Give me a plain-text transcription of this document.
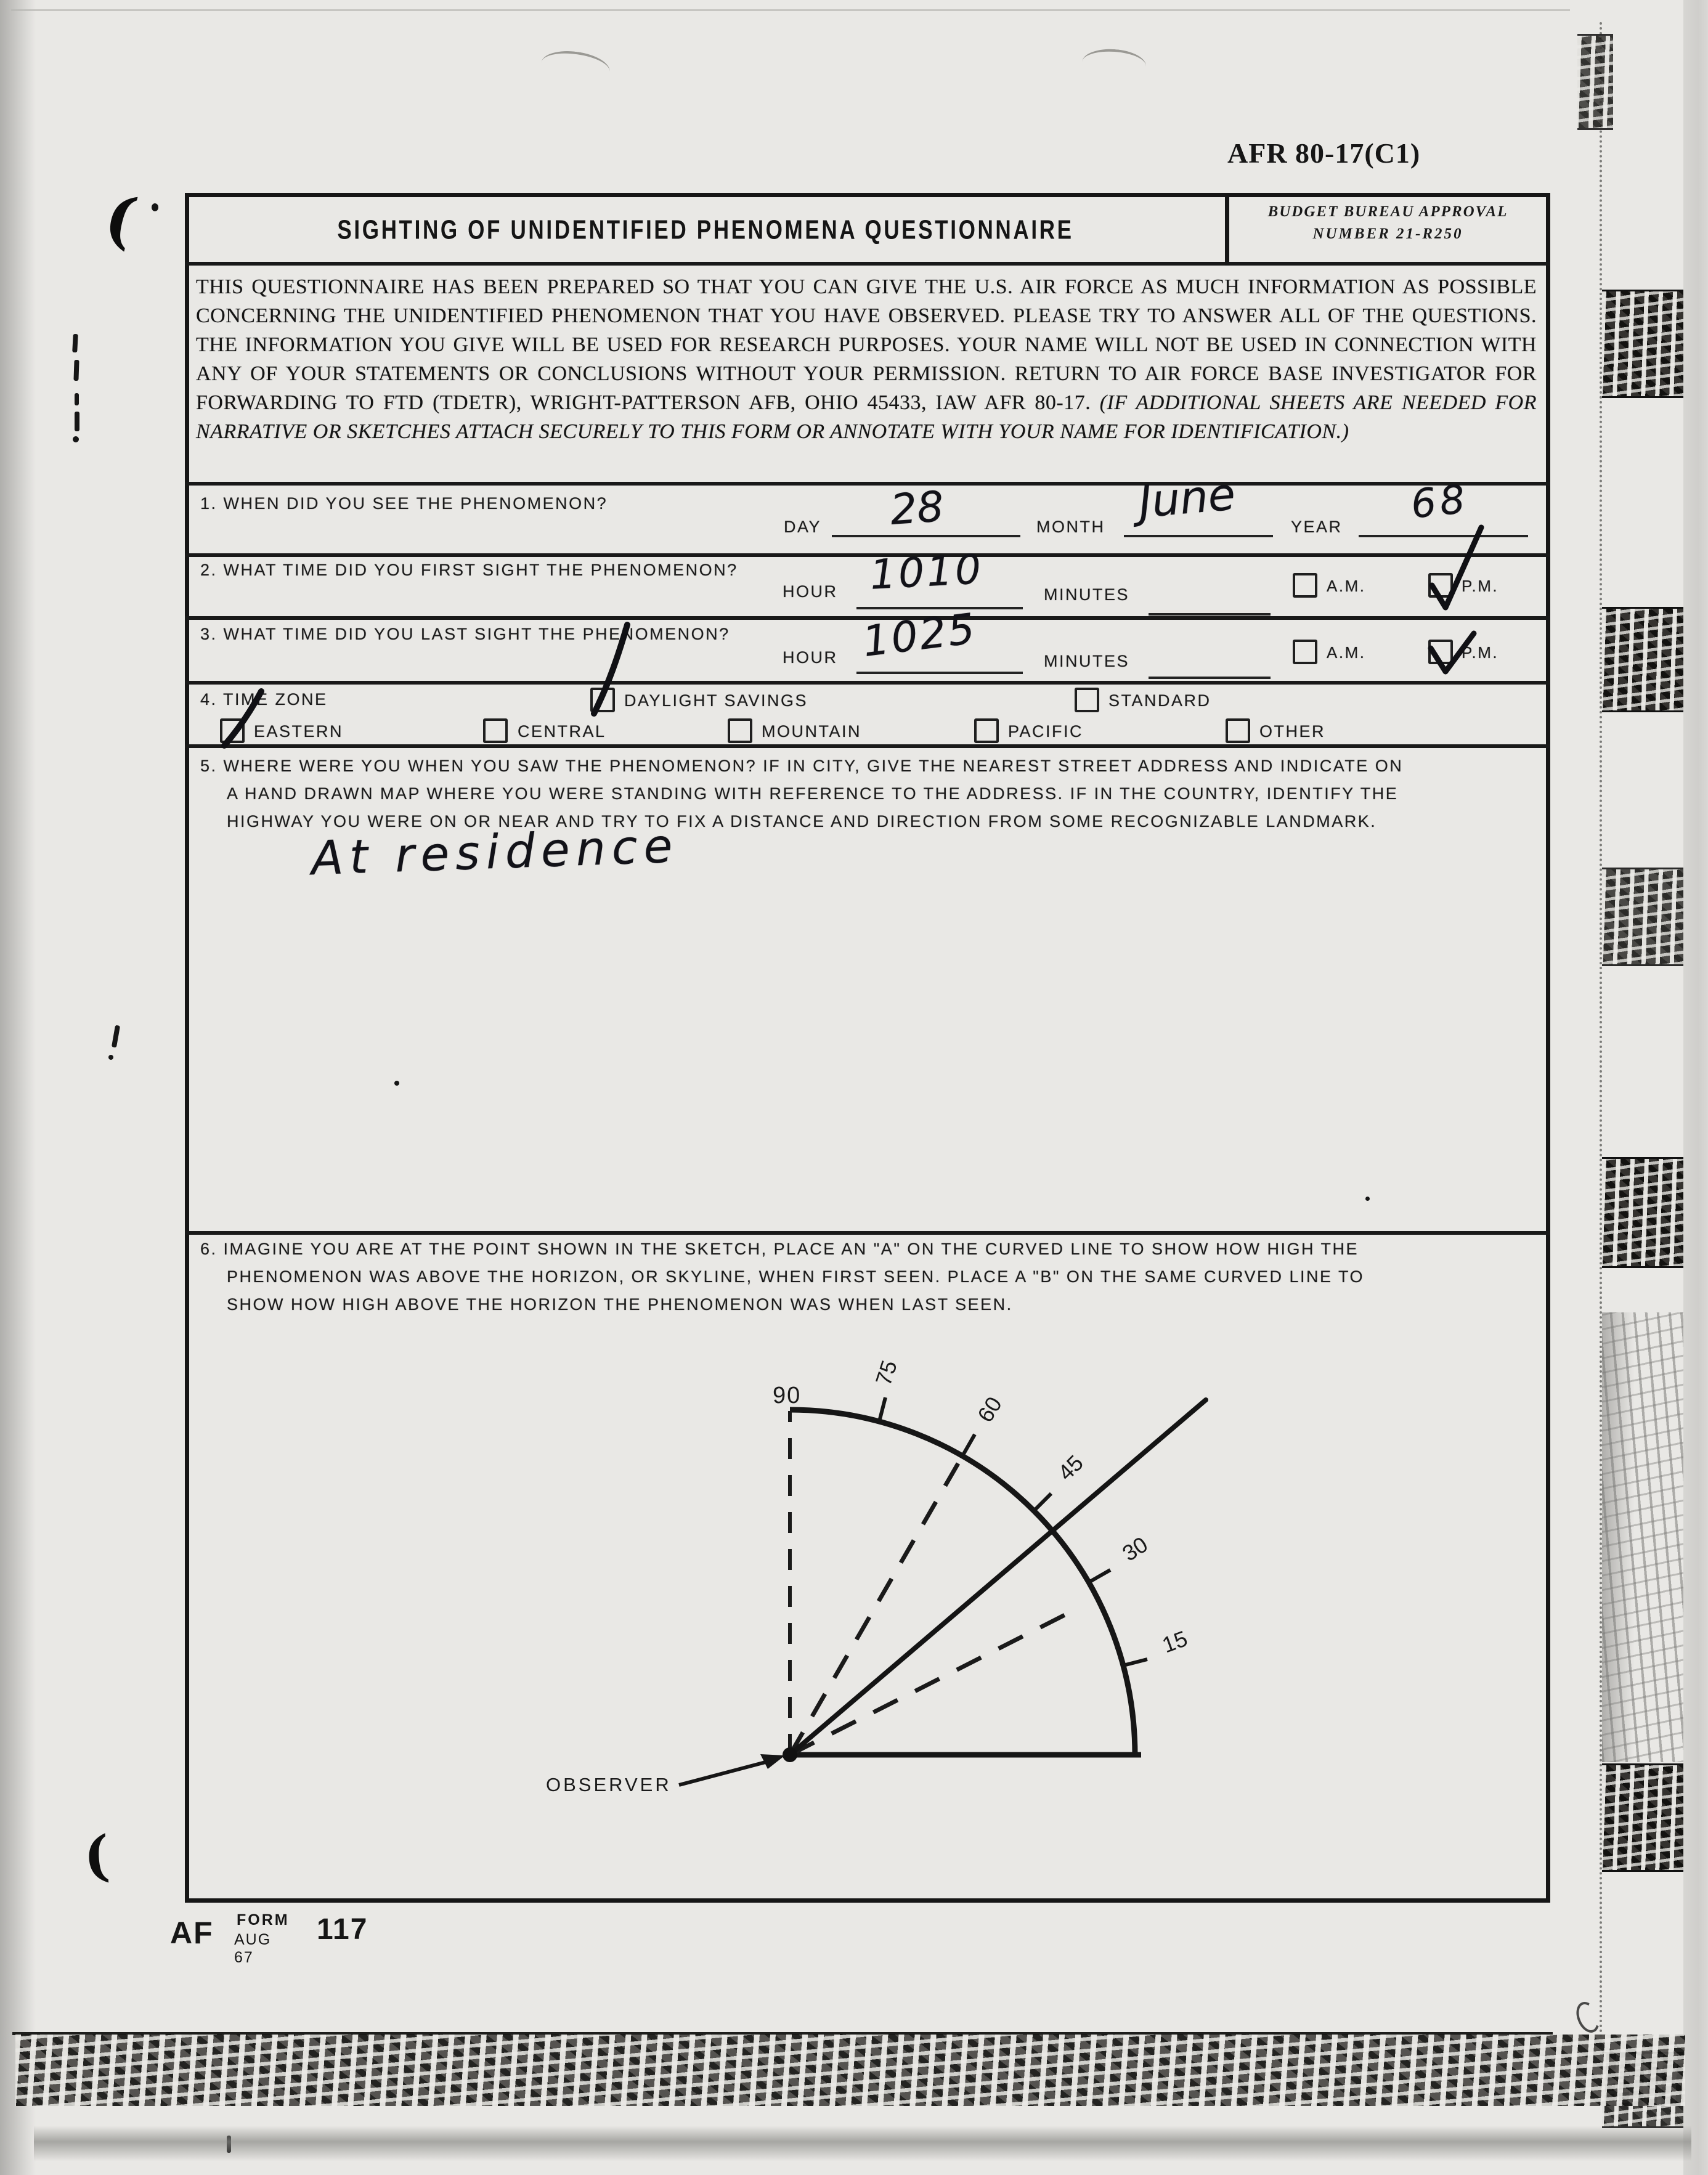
(
(
AFR 80-17(C1)
SIGHTING OF UNIDENTIFIED PHENOMENA QUESTIONNAIRE
BUDGET BUREAU APPROVAL
NUMBER 21-R250
THIS QUESTIONNAIRE HAS BEEN PREPARED SO THAT YOU CAN GIVE THE U.S. AIR FORCE AS MUCH INFORMATION AS POSSIBLE CONCERNING THE UNIDENTIFIED PHENOMENON THAT YOU HAVE OBSERVED. PLEASE TRY TO ANSWER ALL OF THE QUESTIONS. THE INFORMATION YOU GIVE WILL BE USED FOR RESEARCH PURPOSES. YOUR NAME WILL NOT BE USED IN CONNECTION WITH ANY OF YOUR STATEMENTS OR CONCLUSIONS WITHOUT YOUR PERMISSION. RETURN TO AIR FORCE BASE INVESTIGATOR FOR FORWARDING TO FTD (TDETR), WRIGHT-PATTERSON AFB, OHIO 45433, IAW AFR 80-17. (IF ADDITIONAL SHEETS ARE NEEDED FOR NARRATIVE OR SKETCHES ATTACH SECURELY TO THIS FORM OR ANNOTATE WITH YOUR NAME FOR IDENTIFICATION.)
1. WHEN DID YOU SEE THE PHENOMENON?
DAY 28	MONTH June	YEAR 68
2. WHAT TIME DID YOU FIRST SIGHT THE PHENOMENON?
HOUR 1010	MINUTES	A.M.	P.M.
3. WHAT TIME DID YOU LAST SIGHT THE PHENOMENON?
HOUR 1025	MINUTES	A.M.	P.M.
4. TIME ZONE	DAYLIGHT SAVINGS	STANDARD
EASTERN	CENTRAL	MOUNTAIN	PACIFIC	OTHER
5. WHERE WERE YOU WHEN YOU SAW THE PHENOMENON? IF IN CITY, GIVE THE NEAREST STREET ADDRESS AND INDICATE ON
A HAND DRAWN MAP WHERE YOU WERE STANDING WITH REFERENCE TO THE ADDRESS. IF IN THE COUNTRY, IDENTIFY THE
HIGHWAY YOU WERE ON OR NEAR AND TRY TO FIX A DISTANCE AND DIRECTION FROM SOME RECOGNIZABLE LANDMARK.
At residence
6. IMAGINE YOU ARE AT THE POINT SHOWN IN THE SKETCH, PLACE AN "A" ON THE CURVED LINE TO SHOW HOW HIGH THE
PHENOMENON WAS ABOVE THE HORIZON, OR SKYLINE, WHEN FIRST SEEN. PLACE A "B" ON THE SAME CURVED LINE TO
SHOW HOW HIGH ABOVE THE HORIZON THE PHENOMENON WAS WHEN LAST SEEN.
90
75
60
45
30
15
OBSERVER
AF FORM
AUG 67
117
